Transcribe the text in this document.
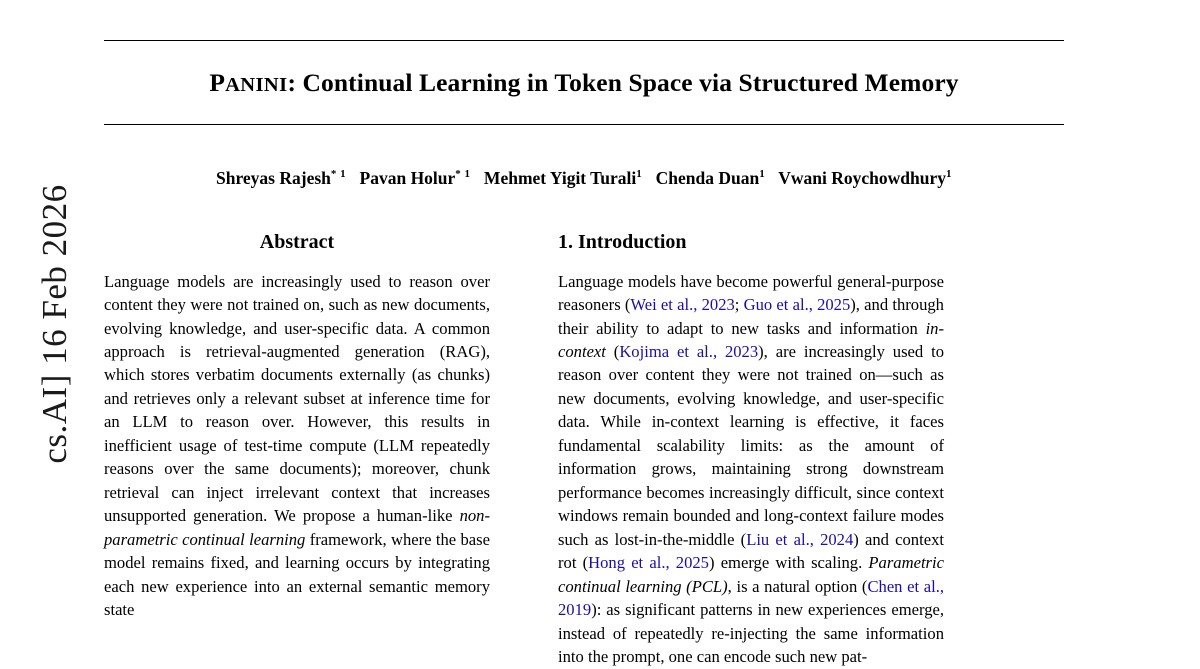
cs.AI] 16 Feb 2026
PANINI: Continual Learning in Token Space via Structured Memory
Shreyas Rajesh$^{* 1}$ Pavan Holur$^{* 1}$ Mehmet Yigit Turali$^1$ Chenda Duan$^1$ Vwani Roychowdhury$^1$
Abstract

Language models are increasingly used to reason over content they were not trained on, such as new documents, evolving knowledge, and user-specific data. A common approach is retrieval-augmented generation (RAG), which stores verbatim documents externally (as chunks) and retrieves only a relevant subset at inference time for an LLM to reason over. However, this results in inefficient usage of test-time compute (LLM repeatedly reasons over the same documents); moreover, chunk retrieval can inject irrelevant context that increases unsupported generation. We propose a human-like non-parametric continual learning framework, where the base model remains fixed, and learning occurs by integrating each new experience into an external semantic memory state

1. Introduction

Language models have become powerful general-purpose reasoners (Wei et al., 2023; Guo et al., 2025), and through their ability to adapt to new tasks and information in-context (Kojima et al., 2023), are increasingly used to reason over content they were not trained on—such as new documents, evolving knowledge, and user-specific data. While in-context learning is effective, it faces fundamental scalability limits: as the amount of information grows, maintaining strong downstream performance becomes increasingly difficult, since context windows remain bounded and long-context failure modes such as lost-in-the-middle (Liu et al., 2024) and context rot (Hong et al., 2025) emerge with scaling. Parametric continual learning (PCL), is a natural option (Chen et al., 2019): as significant patterns in new experiences emerge, instead of repeatedly re-injecting the same information into the prompt, one can encode such new pat-
